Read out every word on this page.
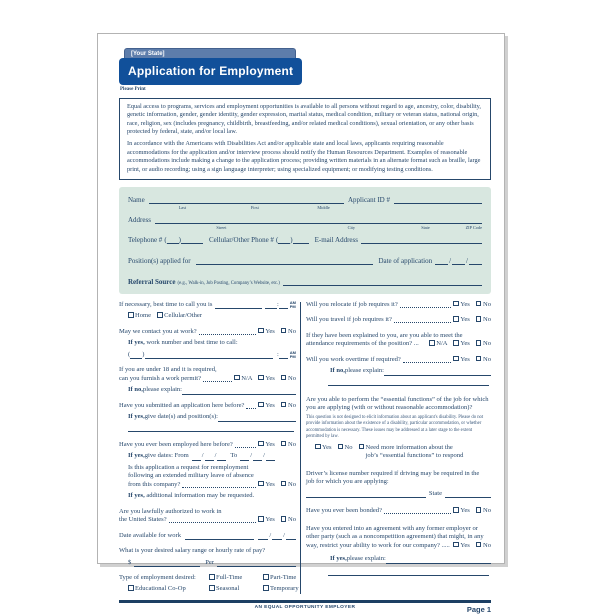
[Your State]
Application for Employment
Please Print

Equal access to programs, services and employment opportunities is available to all persons without regard to age, ancestry, color, disability, genetic information, gender, gender identity, gender expression, marital status, medical condition, military or veteran status, national origin, race, religion, sex (includes pregnancy, childbirth, breastfeeding, and/or related medical conditions), sexual orientation, or any other basis protected by federal, state, and/or local law.

In accordance with the Americans with Disabilities Act and/or applicable state and local laws, applicants requiring reasonable accommodations for the application and/or interview process should notify the Human Resources Department. Examples of reasonable accommodations include making a change to the application process; providing written materials in an alternate format such as braille, large print, or audio recording; using a sign language interpreter; using specialized equipment; or modifying testing conditions.

Name	Applicant ID #
Last	First	Middle
Address
Street	City	State	ZIP Code
Telephone # ( )	Cellular/Other Phone # ( )	E-mail Address
Position(s) applied for	Date of application / /
Referral Source (e.g., Walk-in, Job Posting, Company’s Website, etc.)
If necessary, best time to call you is	:	AM
PM
Home Cellular/Other
May we contact you at work?	Yes No
If yes, work number and best time to call:
( )	:	AM
PM
If you are under 18 and it is required,
can you furnish a work permit?	N/A Yes No
If no, please explain:
Have you submitted an application here before?	Yes No
If yes, give date(s) and position(s):
Have you ever been employed here before?	Yes No
If yes, give dates: From / / To / /
Is this application a request for reemployment
following an extended military leave of absence
from this company?	Yes No
If yes, additional information may be requested.
Are you lawfully authorized to work in
the United States?	Yes No
Date available for work	/ /
What is your desired salary range or hourly rate of pay?
$	Per
Type of employment desired:	Full-Time	Part-Time
Educational Co-Op	Seasonal	Temporary
Will you relocate if job requires it?	Yes No
Will you travel if job requires it?	Yes No
If they have been explained to you, are you able to meet the
attendance requirements of the position? ...	N/A Yes No
Will you work overtime if required?	Yes No
If no, please explain:
Are you able to perform the “essential functions” of the job for which
you are applying (with or without reasonable accommodation)?
This question is not designed to elicit information about an applicant's disability. Please do not provide information about the existence of a disability, particular accommodation, or whether accommodation is necessary. These issues may be addressed at a later stage to the extent permitted by law.
Yes	No Need more information about the
job’s “essential functions” to respond
Driver’s license number required if driving may be required in the
job for which you are applying:
State
Have you ever been bonded?	Yes No
Have you entered into an agreement with any former employer or
other party (such as a noncompetition agreement) that might, in any
way, restrict your ability to work for our company? .....	Yes No
If yes, please explain:
AN EQUAL OPPORTUNITY EMPLOYER	Page 1
